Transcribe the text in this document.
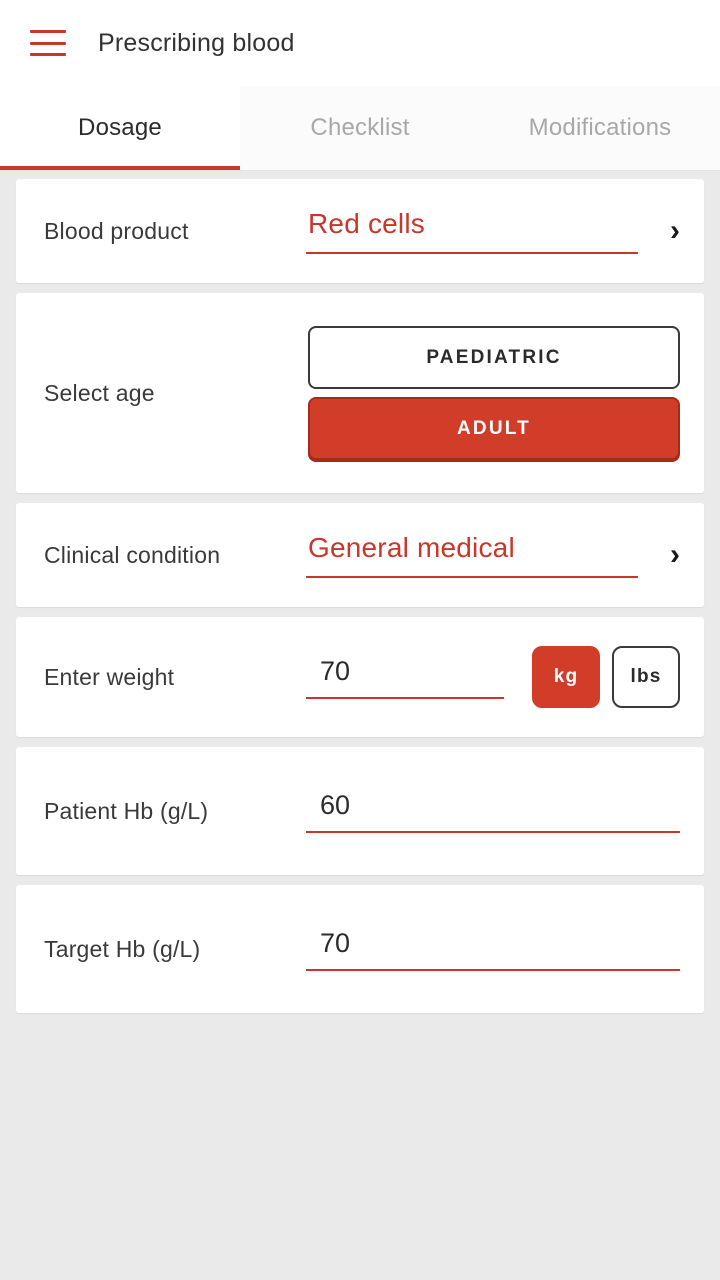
Prescribing blood
Dosage	Checklist	Modifications
Blood product	Red cells	›
Select age
PAEDIATRIC
ADULT
Clinical condition	General medical	›
Enter weight	70	kg	lbs
Patient Hb (g/L)	60
Target Hb (g/L)	70
